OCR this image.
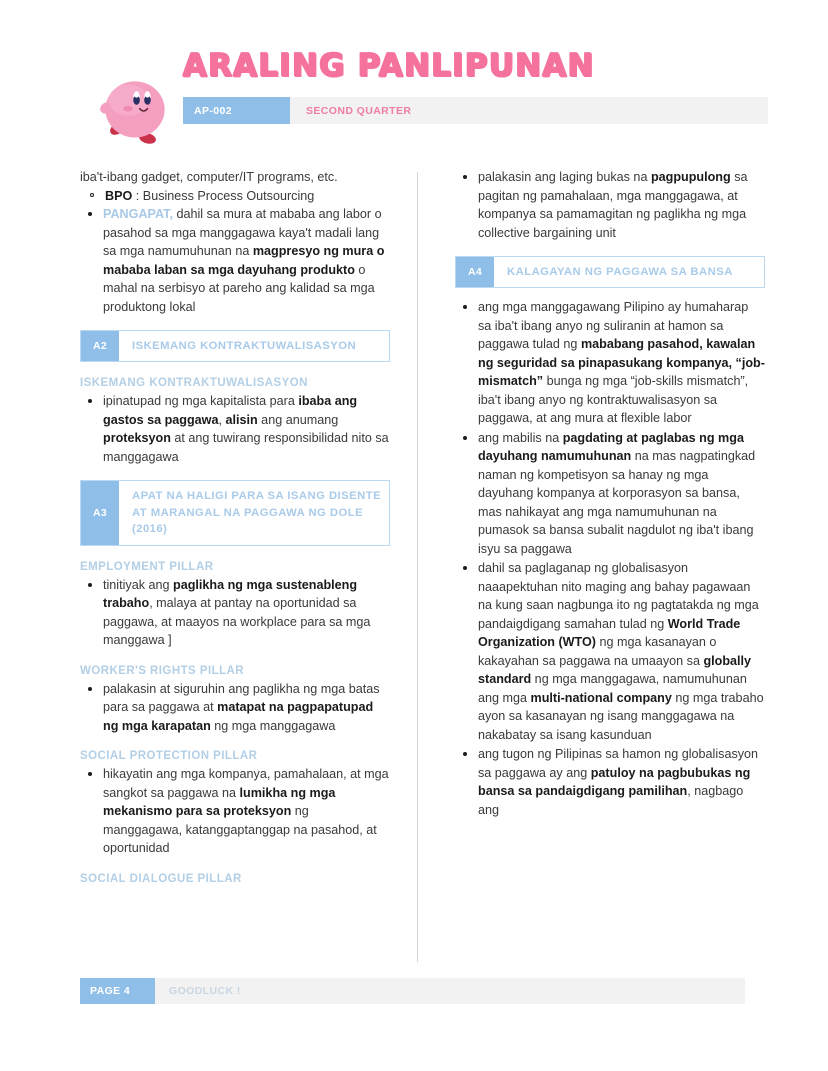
ARALING PANLIPUNAN
AP-002	SECOND QUARTER
iba't-ibang gadget, computer/IT programs, etc.
BPO : Business Process Outsourcing
PANGAPAT, dahil sa mura at mababa ang labor o pasahod sa mga manggagawa kaya't madali lang sa mga namumuhunan na magpresyo ng mura o mababa laban sa mga dayuhang produkto o mahal na serbisyo at pareho ang kalidad sa mga produktong lokal
A2	ISKEMANG KONTRAKTUWALISASYON
ISKEMANG KONTRAKTUWALISASYON
ipinatupad ng mga kapitalista para ibaba ang gastos sa paggawa, alisin ang anumang proteksyon at ang tuwirang responsibilidad nito sa manggagawa
A3
APAT NA HALIGI PARA SA ISANG DISENTE AT MARANGAL NA PAGGAWA NG DOLE (2016)
EMPLOYMENT PILLAR
tinitiyak ang paglikha ng mga sustenableng trabaho, malaya at pantay na oportunidad sa paggawa, at maayos na workplace para sa mga manggawa ]
WORKER'S RIGHTS PILLAR
palakasin at siguruhin ang paglikha ng mga batas para sa paggawa at matapat na pagpapatupad ng mga karapatan ng mga manggagawa
SOCIAL PROTECTION PILLAR
hikayatin ang mga kompanya, pamahalaan, at mga sangkot sa paggawa na lumikha ng mga mekanismo para sa proteksyon ng manggagawa, katanggaptanggap na pasahod, at oportunidad
SOCIAL DIALOGUE PILLAR
palakasin ang laging bukas na pagpupulong sa pagitan ng pamahalaan, mga manggagawa, at kompanya sa pamamagitan ng paglikha ng mga collective bargaining unit
A4	KALAGAYAN NG PAGGAWA SA BANSA
ang mga manggagawang Pilipino ay humaharap sa iba't ibang anyo ng suliranin at hamon sa paggawa tulad ng mababang pasahod, kawalan ng seguridad sa pinapasukang kompanya, “job-mismatch” bunga ng mga “job-skills mismatch”, iba't ibang anyo ng kontraktuwalisasyon sa paggawa, at ang mura at flexible labor
ang mabilis na pagdating at paglabas ng mga dayuhang namumuhunan na mas nagpatingkad naman ng kompetisyon sa hanay ng mga dayuhang kompanya at korporasyon sa bansa, mas nahikayat ang mga namumuhunan na pumasok sa bansa subalit nagdulot ng iba't ibang isyu sa paggawa
dahil sa paglaganap ng globalisasyon naaapektuhan nito maging ang bahay pagawaan na kung saan nagbunga ito ng pagtatakda ng mga pandaigdigang samahan tulad ng World Trade Organization (WTO) ng mga kasanayan o kakayahan sa paggawa na umaayon sa globally standard ng mga manggagawa, namumuhunan ang mga multi-national company ng mga trabaho ayon sa kasanayan ng isang manggagawa na nakabatay sa isang kasunduan
ang tugon ng Pilipinas sa hamon ng globalisasyon sa paggawa ay ang patuloy na pagbubukas ng bansa sa pandaigdigang pamilihan, nagbago ang
PAGE 4	GOODLUCK !
